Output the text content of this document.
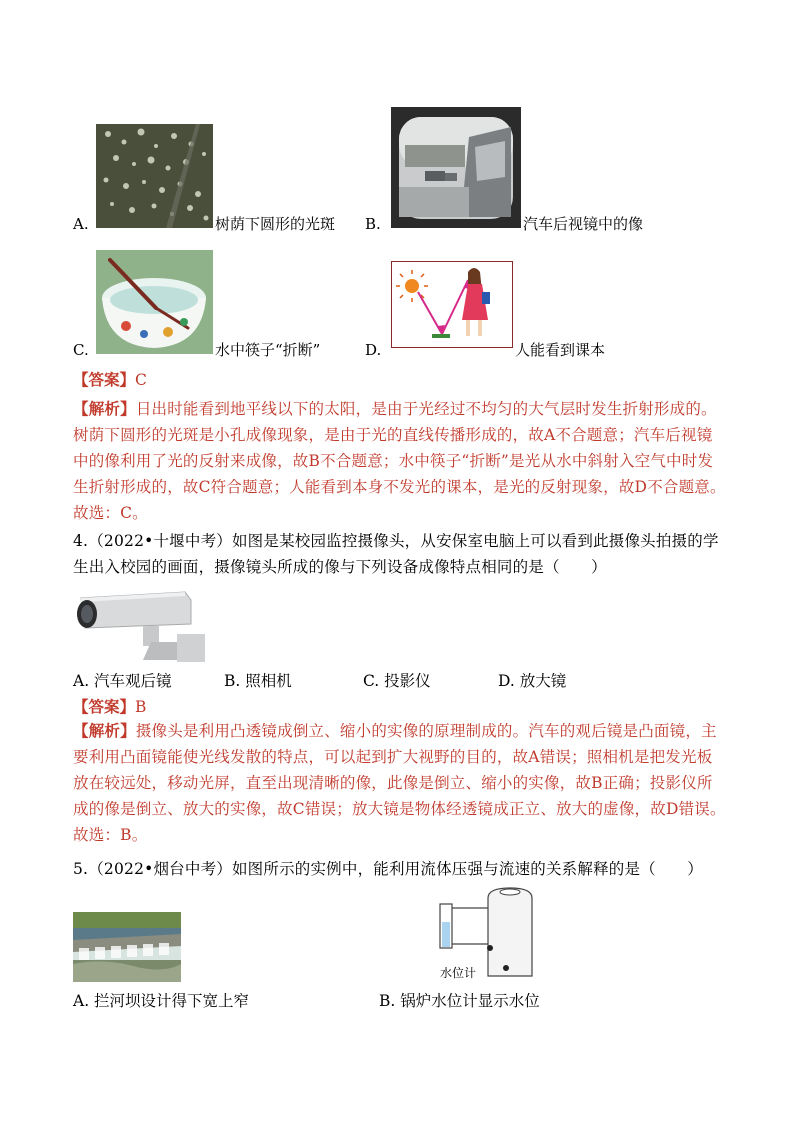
A.	树荫下圆形的光斑 B.	汽车后视镜中的像
C.	水中筷子“折断”	D.	人能看到课本
【答案】C
【解析】日出时能看到地平线以下的太阳，是由于光经过不均匀的大气层时发生折射形成的。树荫下圆形的光斑是小孔成像现象，是由于光的直线传播形成的，故A不合题意；汽车后视镜中的像利用了光的反射来成像，故B不合题意；水中筷子“折断”是光从水中斜射入空气中时发生折射形成的，故C符合题意；人能看到本身不发光的课本，是光的反射现象，故D不合题意。故选：C。
4.（2022•十堰中考）如图是某校园监控摄像头，从安保室电脑上可以看到此摄像头拍摄的学生出入校园的画面，摄像镜头所成的像与下列设备成像特点相同的是（　　）
A. 汽车观后镜	B. 照相机	C. 投影仪	D. 放大镜
【答案】B
【解析】摄像头是利用凸透镜成倒立、缩小的实像的原理制成的。汽车的观后镜是凸面镜，主要利用凸面镜能使光线发散的特点，可以起到扩大视野的目的，故A错误；照相机是把发光板放在较远处，移动光屏，直至出现清晰的像，此像是倒立、缩小的实像，故B正确；投影仪所成的像是倒立、放大的实像，故C错误；放大镜是物体经透镜成正立、放大的虚像，故D错误。故选：B。
5.（2022•烟台中考）如图所示的实例中，能利用流体压强与流速的关系解释的是（　　）
水位计
A. 拦河坝设计得下宽上窄	B. 锅炉水位计显示水位
